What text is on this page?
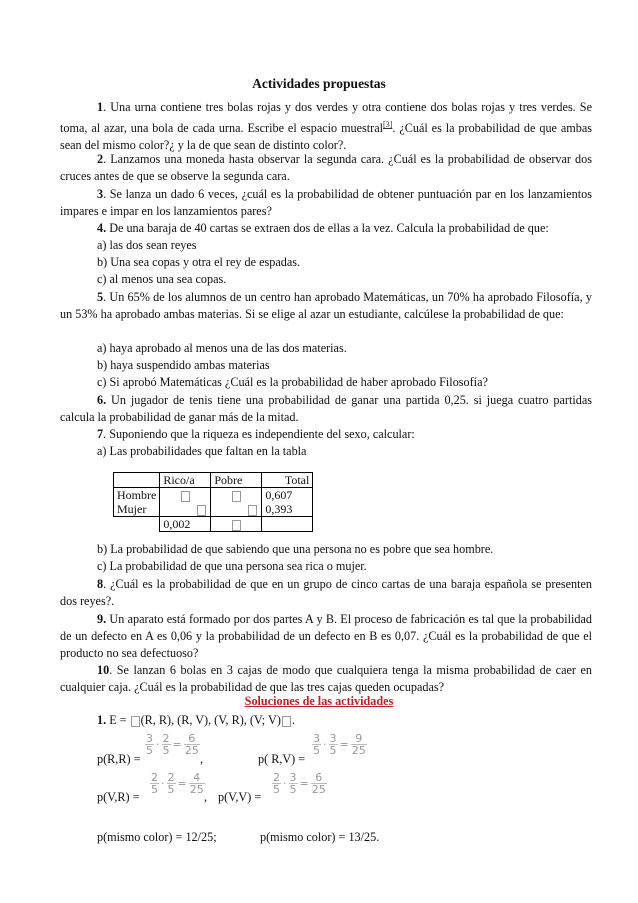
Actividades propuestas

1. Una urna contiene tres bolas rojas y dos verdes y otra contiene dos bolas rojas y tres verdes. Se toma, al azar, una bola de cada urna. Escribe el espacio muestral[3]. ¿Cuál es la probabilidad de que ambas sean del mismo color?¿ y la de que sean de distinto color?.

2. Lanzamos una moneda hasta observar la segunda cara. ¿Cuál es la probabilidad de observar dos cruces antes de que se observe la segunda cara.

3. Se lanza un dado 6 veces, ¿cuál es la probabilidad de obtener puntuación par en los lanzamientos impares e impar en los lanzamientos pares?

4. De una baraja de 40 cartas se extraen dos de ellas a la vez. Calcula la probabilidad de que:

a) las dos sean reyes

b) Una sea copas y otra el rey de espadas.

c) al menos una sea copas.

5. Un 65% de los alumnos de un centro han aprobado Matemáticas, un 70% ha aprobado Filosofía, y un 53% ha aprobado ambas materias. Si se elige al azar un estudiante, calcúlese la probabilidad de que:

a) haya aprobado al menos una de las dos materias.

b) haya suspendido ambas materias

c) Si aprobó Matemáticas ¿Cuál es la probabilidad de haber aprobado Filosofía?

6. Un jugador de tenis tiene una probabilidad de ganar una partida 0,25. si juega cuatro partidas calcula la probabilidad de ganar más de la mitad.

7. Suponiendo que la riqueza es independiente del sexo, calcular:

a) Las probabilidades que faltan en la tabla

	Rico/a	Pobre	Total
Hombre			0,607
Mujer			0,393
	0,002		

b) La probabilidad de que sabiendo que una persona no es pobre que sea hombre.

c) La probabilidad de que una persona sea rica o mujer.

8. ¿Cuál es la probabilidad de que en un grupo de cinco cartas de una baraja española se presenten dos reyes?.

9. Un aparato está formado por dos partes A y B. El proceso de fabricación es tal que la probabilidad de un defecto en A es 0,06 y la probabilidad de un defecto en B es 0,07. ¿Cuál es la probabilidad de que el producto no sea defectuoso?

10. Se lanzan 6 bolas en 3 cajas de modo que cualquiera tenga la misma probabilidad de caer en cualquier caja. ¿Cuál es la probabilidad de que las tres cajas queden ocupadas?

Soluciones de las actividades
1. E = (R, R), (R, V), (V, R), (V; V) .
p(R,R) =
$\frac{3}{5} \cdot \frac{2}{5} = \frac{6}{25}$
,	p( R,V) =
$\frac{3}{5} \cdot \frac{3}{5} = \frac{9}{25}$
p(V,R) =
$\frac{2}{5} \cdot \frac{2}{5} = \frac{4}{25}$
, p(V,V) =
$\frac{2}{5} \cdot \frac{3}{5} = \frac{6}{25}$
p(mismo color) = 12/25;	p(mismo color) = 13/25.
